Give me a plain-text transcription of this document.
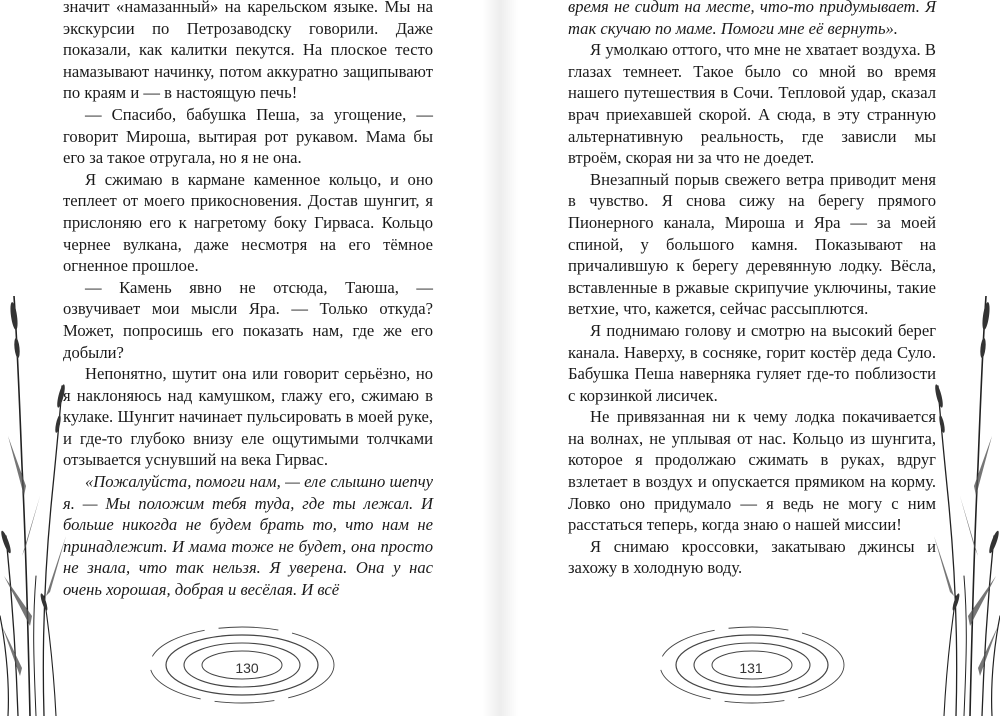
значит «намазанный» на карельском языке. Мы на экскурсии по Петрозаводску говорили. Даже показали, как калитки пекутся. На плоское тесто намазывают начинку, потом аккуратно защипывают по краям и — в настоящую печь!

— Спасибо, бабушка Пеша, за угощение, — говорит Мироша, вытирая рот рукавом. Мама бы его за такое отругала, но я не она.

Я сжимаю в кармане каменное кольцо, и оно теплеет от моего прикосновения. Достав шунгит, я прислоняю его к нагретому боку Гирваса. Кольцо чернее вулкана, даже несмотря на его тёмное огненное прошлое.

— Камень явно не отсюда, Таюша, — озвучивает мои мысли Яра. — Только откуда? Может, попросишь его показать нам, где же его добыли?

Непонятно, шутит она или говорит серьёзно, но я наклоняюсь над камушком, глажу его, сжимаю в кулаке. Шунгит начинает пульсировать в моей руке, и где-то глубоко внизу еле ощутимыми толчками отзывается уснувший на века Гирвас.

«Пожалуйста, помоги нам, — еле слышно шепчу я. — Мы положим тебя туда, где ты лежал. И больше никогда не будем брать то, что нам не принадлежит. И мама тоже не будет, она просто не знала, что так нельзя. Я уверена. Она у нас очень хорошая, добрая и весёлая. И всё

130

время не сидит на месте, что-то придумывает. Я так скучаю по маме. Помоги мне её вернуть».

Я умолкаю оттого, что мне не хватает воздуха. В глазах темнеет. Такое было со мной во время нашего путешествия в Сочи. Тепловой удар, сказал врач приехавшей скорой. А сюда, в эту странную альтернативную реальность, где зависли мы втроём, скорая ни за что не доедет.

Внезапный порыв свежего ветра приводит меня в чувство. Я снова сижу на берегу прямого Пионерного канала, Мироша и Яра — за моей спиной, у большого камня. Показывают на причалившую к берегу деревянную лодку. Вёсла, вставленные в ржавые скрипучие уключины, такие ветхие, что, кажется, сейчас рассыплются.

Я поднимаю голову и смотрю на высокий берег канала. Наверху, в сосняке, горит костёр деда Суло. Бабушка Пеша наверняка гуляет где-то поблизости с корзинкой лисичек.

Не привязанная ни к чему лодка покачивается на волнах, не уплывая от нас. Кольцо из шунгита, которое я продолжаю сжимать в руках, вдруг взлетает в воздух и опускается прямиком на корму. Ловко оно придумало — я ведь не могу с ним расстаться теперь, когда знаю о нашей миссии!

Я снимаю кроссовки, закатываю джинсы и захожу в холодную воду.

131
